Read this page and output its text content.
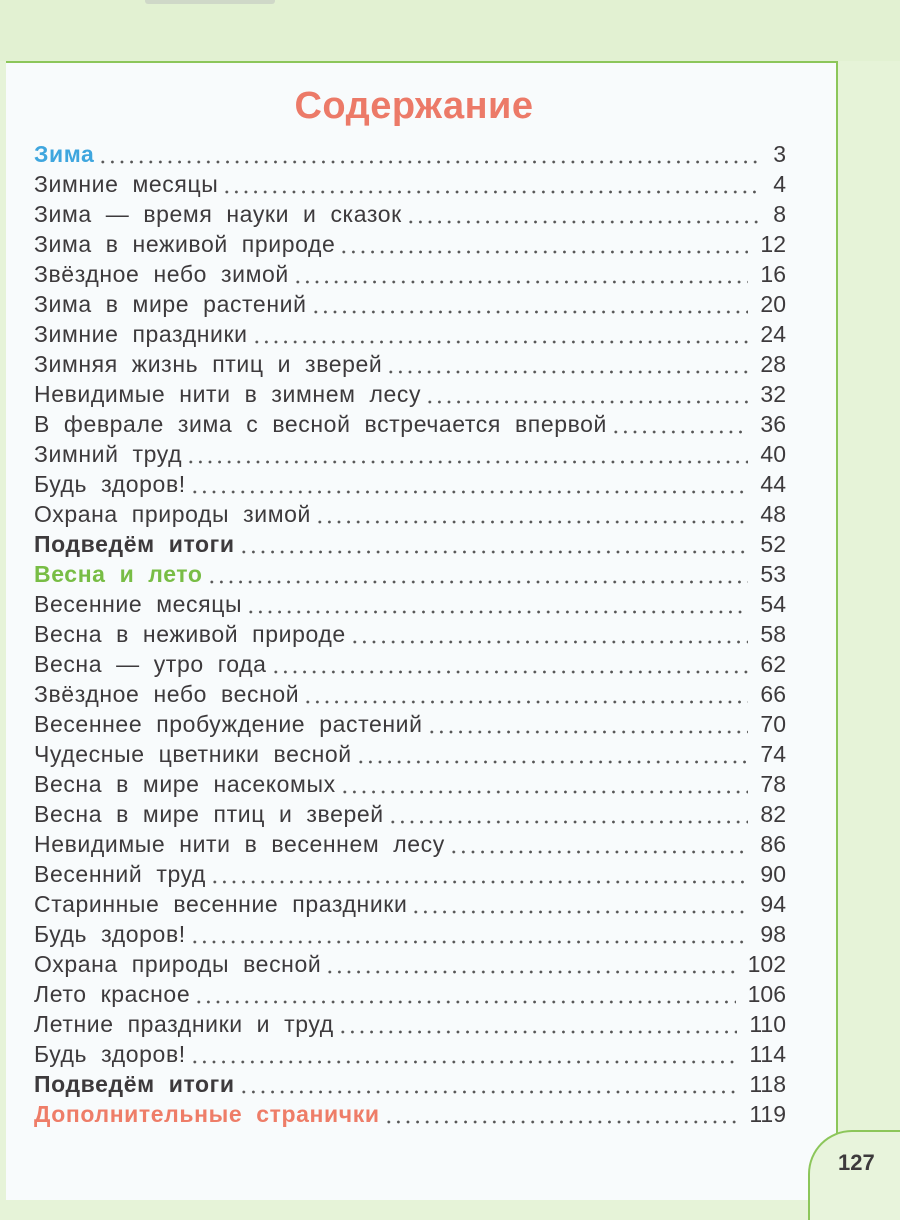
Содержание
Зима	3
Зимние месяцы	4
Зима — время науки и сказок	8
Зима в неживой природе	12
Звёздное небо зимой	16
Зима в мире растений	20
Зимние праздники	24
Зимняя жизнь птиц и зверей	28
Невидимые нити в зимнем лесу	32
В феврале зима с весной встречается впервой	36
Зимний труд	40
Будь здоров!	44
Охрана природы зимой	48
Подведём итоги	52
Весна и лето	53
Весенние месяцы	54
Весна в неживой природе	58
Весна — утро года	62
Звёздное небо весной	66
Весеннее пробуждение растений	70
Чудесные цветники весной	74
Весна в мире насекомых	78
Весна в мире птиц и зверей	82
Невидимые нити в весеннем лесу	86
Весенний труд	90
Старинные весенние праздники	94
Будь здоров!	98
Охрана природы весной	102
Лето красное	106
Летние праздники и труд	110
Будь здоров!	114
Подведём итоги	118
Дополнительные странички	119
127
